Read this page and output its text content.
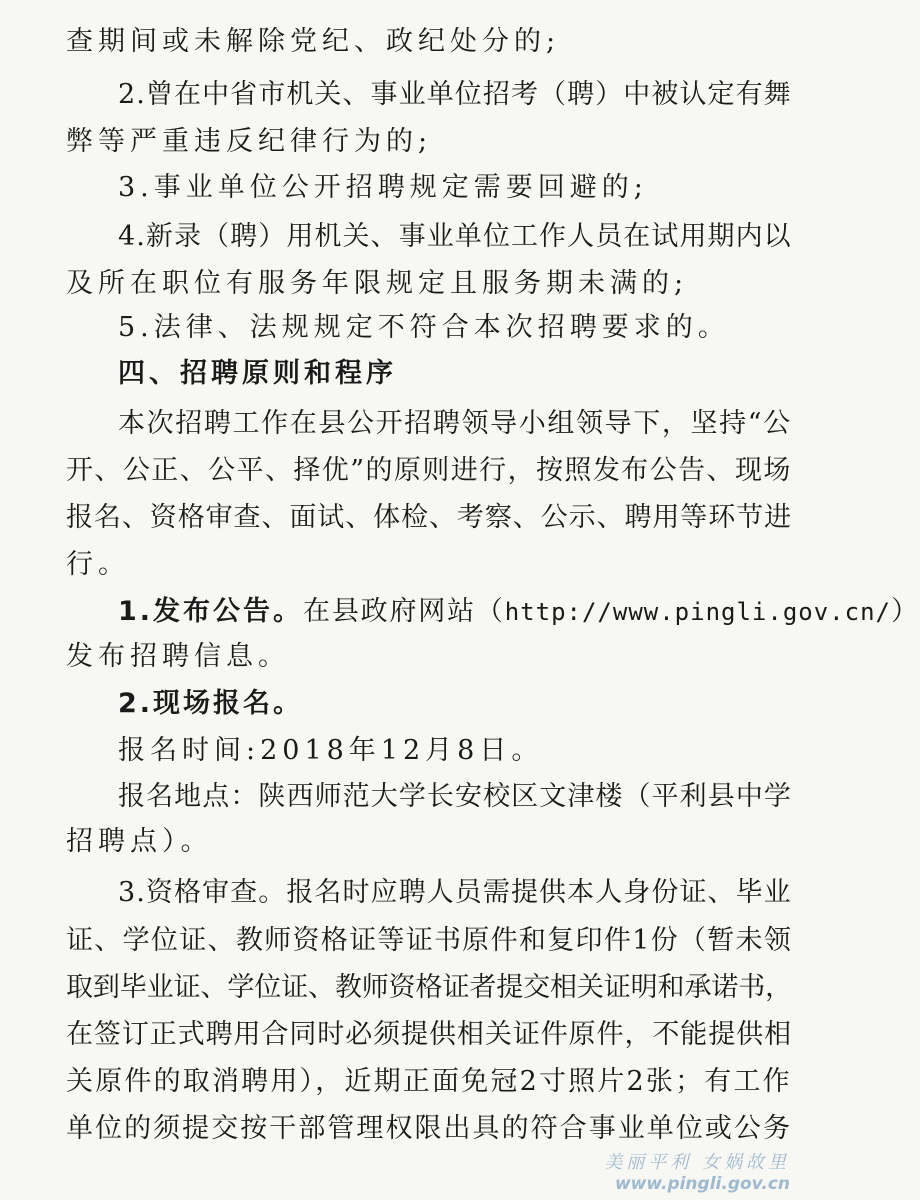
查期间或未解除党纪、政纪处分的;
2.曾在中省市机关、事业单位招考（聘）中被认定有舞
弊等严重违反纪律行为的;
3.事业单位公开招聘规定需要回避的;
4.新录（聘）用机关、事业单位工作人员在试用期内以
及所在职位有服务年限规定且服务期未满的;
5.法律、法规规定不符合本次招聘要求的。
四、招聘原则和程序
本次招聘工作在县公开招聘领导小组领导下，坚持“公
开、公正、公平、择优”的原则进行，按照发布公告、现场
报名、资格审查、面试、体检、考察、公示、聘用等环节进
行。
1.发布公告。在县政府网站（http://www.pingli.gov.cn/）
发布招聘信息。
2.现场报名。
报名时间:2018年12月8日。
报名地点：陕西师范大学长安校区文津楼（平利县中学
招聘点）。
3.资格审查。报名时应聘人员需提供本人身份证、毕业
证、学位证、教师资格证等证书原件和复印件1份（暂未领
取到毕业证、学位证、教师资格证者提交相关证明和承诺书，
在签订正式聘用合同时必须提供相关证件原件，不能提供相
关原件的取消聘用），近期正面免冠2寸照片2张；有工作
单位的须提交按干部管理权限出具的符合事业单位或公务
美丽平利 女娲故里
www.pingli.gov.cn
